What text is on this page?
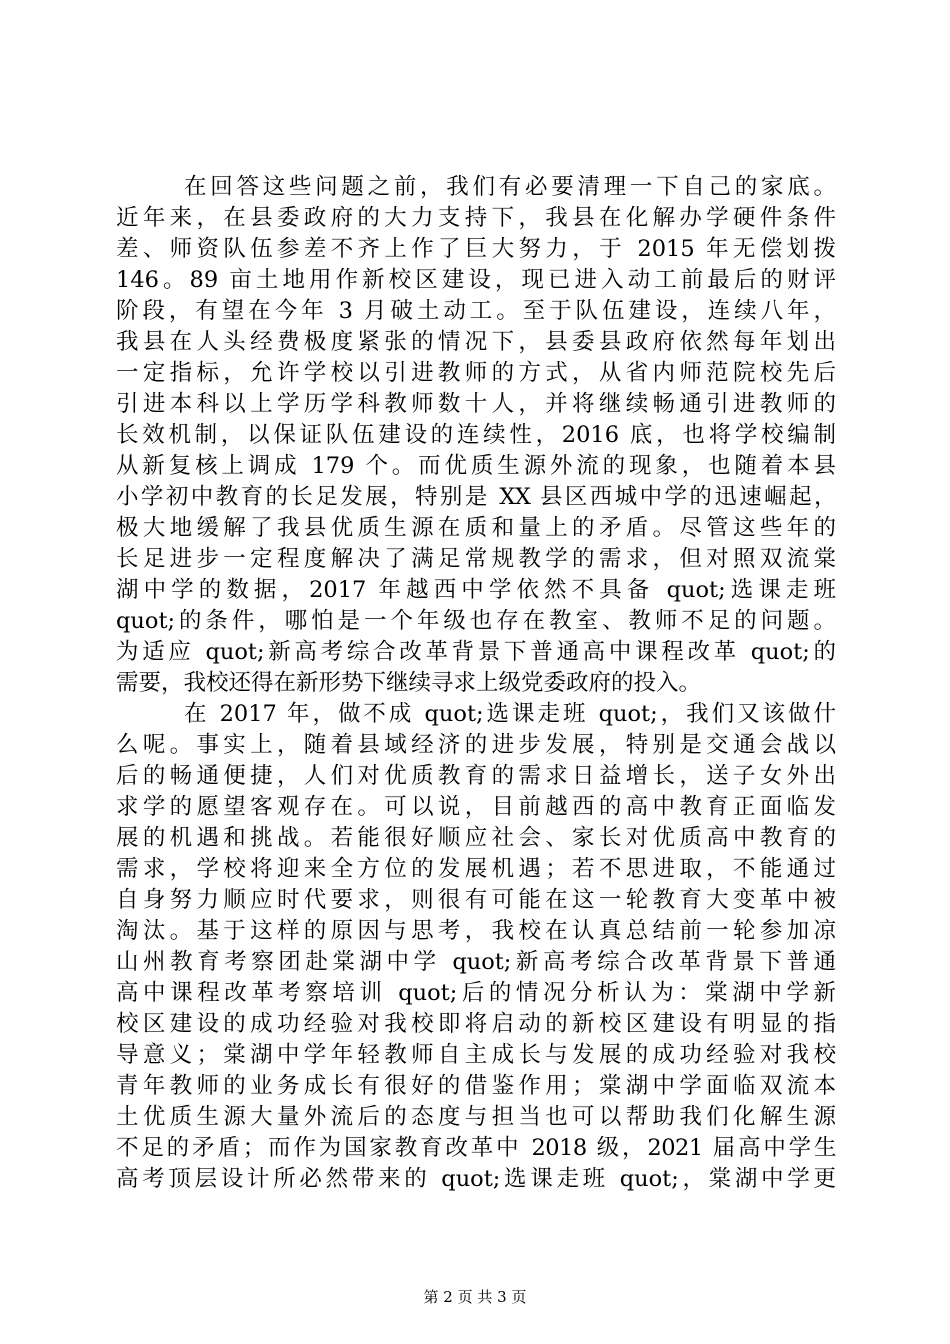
在回答这些问题之前，我们有必要清理一下自己的家底。
近年来，在县委政府的大力支持下，我县在化解办学硬件条件
差、师资队伍参差不齐上作了巨大努力，于 2015 年无偿划拨
146。89 亩土地用作新校区建设，现已进入动工前最后的财评
阶段，有望在今年 3 月破土动工。至于队伍建设，连续八年，
我县在人头经费极度紧张的情况下，县委县政府依然每年划出
一定指标，允许学校以引进教师的方式，从省内师范院校先后
引进本科以上学历学科教师数十人，并将继续畅通引进教师的
长效机制，以保证队伍建设的连续性，2016 底，也将学校编制
从新复核上调成 179 个。而优质生源外流的现象，也随着本县
小学初中教育的长足发展，特别是 XX 县区西城中学的迅速崛起，
极大地缓解了我县优质生源在质和量上的矛盾。尽管这些年的
长足进步一定程度解决了满足常规教学的需求，但对照双流棠
湖中学的数据，2017 年越西中学依然不具备 quot;选课走班
quot;的条件，哪怕是一个年级也存在教室、教师不足的问题。
为适应 quot;新高考综合改革背景下普通高中课程改革 quot;的
需要，我校还得在新形势下继续寻求上级党委政府的投入。
在 2017 年，做不成 quot;选课走班 quot;，我们又该做什
么呢。事实上，随着县域经济的进步发展，特别是交通会战以
后的畅通便捷，人们对优质教育的需求日益增长，送子女外出
求学的愿望客观存在。可以说，目前越西的高中教育正面临发
展的机遇和挑战。若能很好顺应社会、家长对优质高中教育的
需求，学校将迎来全方位的发展机遇；若不思进取，不能通过
自身努力顺应时代要求，则很有可能在这一轮教育大变革中被
淘汰。基于这样的原因与思考，我校在认真总结前一轮参加凉
山州教育考察团赴棠湖中学 quot;新高考综合改革背景下普通
高中课程改革考察培训 quot;后的情况分析认为：棠湖中学新
校区建设的成功经验对我校即将启动的新校区建设有明显的指
导意义；棠湖中学年轻教师自主成长与发展的成功经验对我校
青年教师的业务成长有很好的借鉴作用；棠湖中学面临双流本
土优质生源大量外流后的态度与担当也可以帮助我们化解生源
不足的矛盾；而作为国家教育改革中 2018 级，2021 届高中学生
高考顶层设计所必然带来的 quot;选课走班 quot;，棠湖中学更
第 2 页 共 3 页
